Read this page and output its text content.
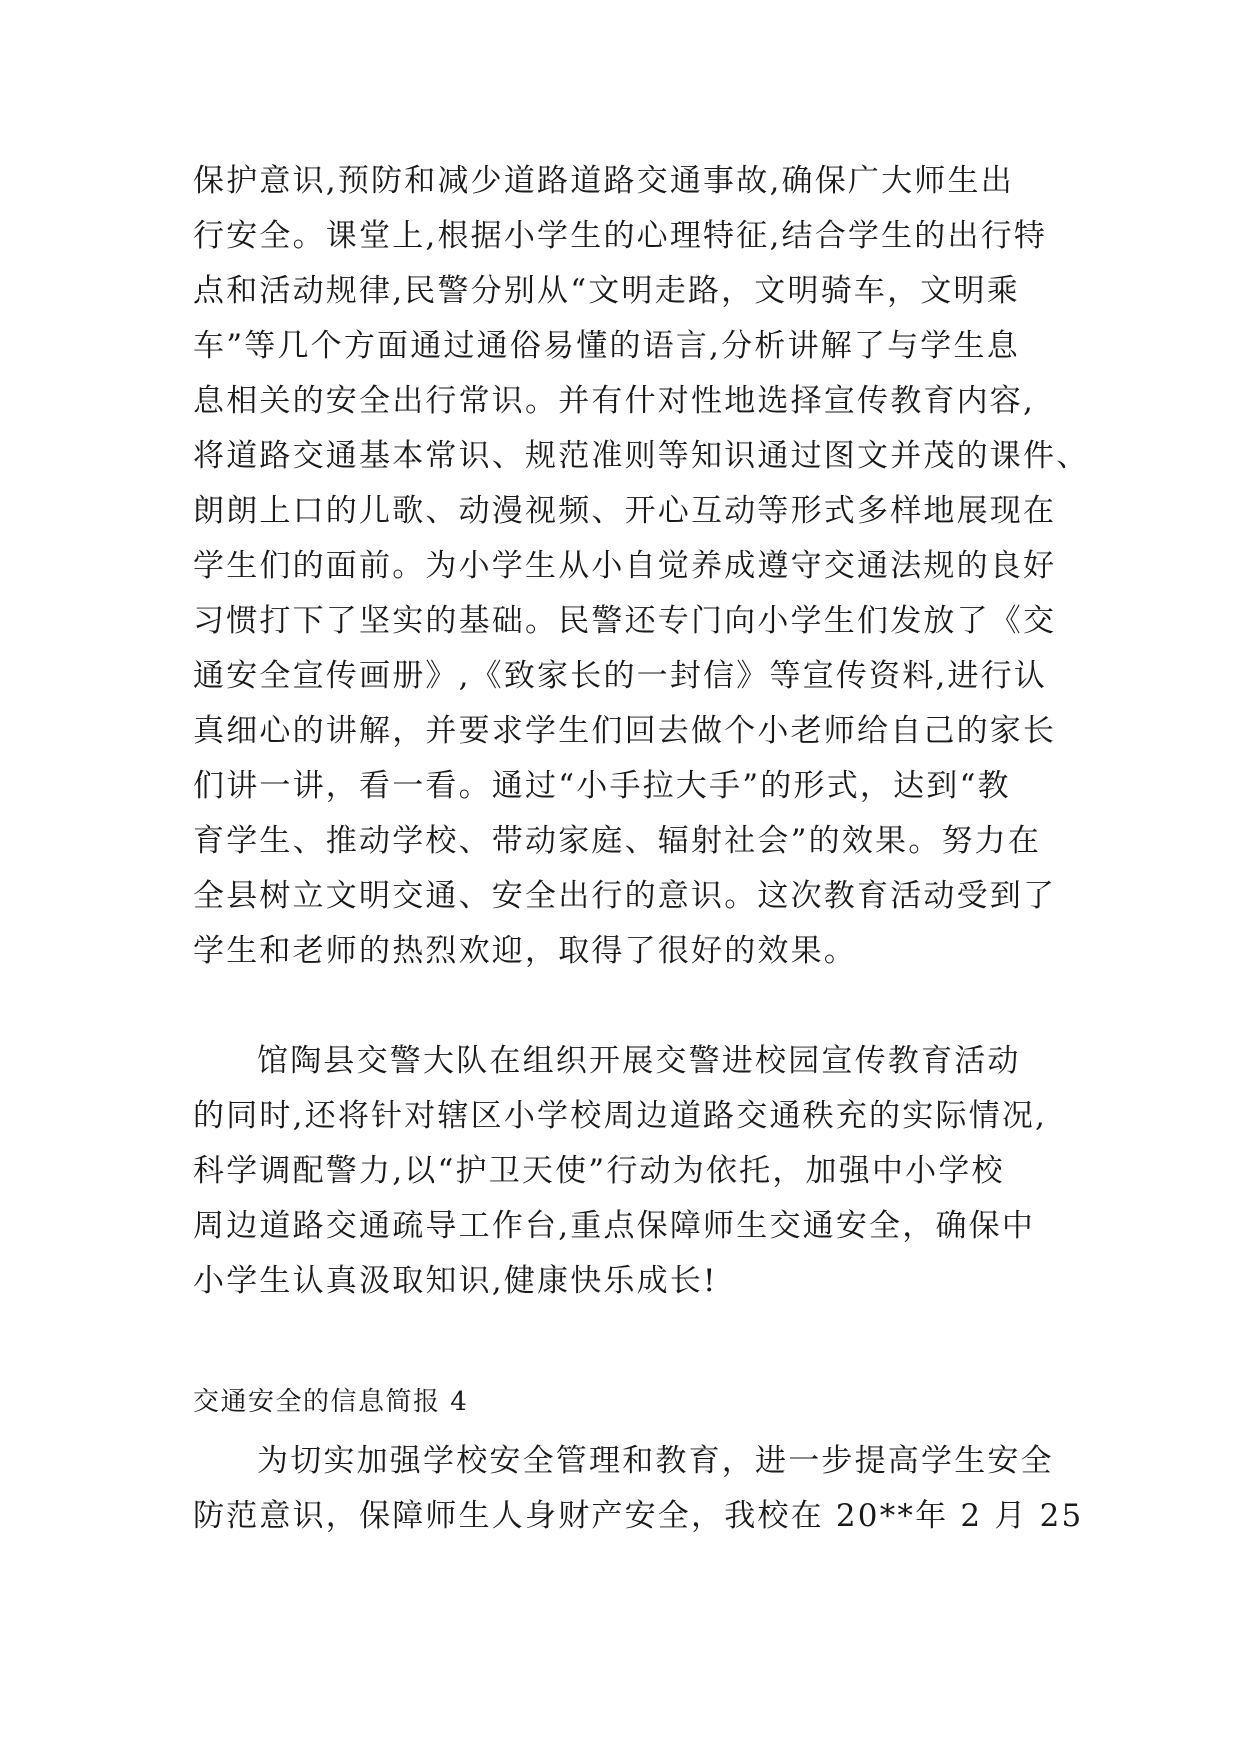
保护意识,预防和减少道路道路交通事故,确保广大师生出
行安全。课堂上,根据小学生的心理特征,结合学生的出行特
点和活动规律,民警分别从“文明走路，文明骑车，文明乘
车”等几个方面通过通俗易懂的语言,分析讲解了与学生息
息相关的安全出行常识。并有什对性地选择宣传教育内容,
将道路交通基本常识、规范准则等知识通过图文并茂的课件、
朗朗上口的儿歌、动漫视频、开心互动等形式多样地展现在
学生们的面前。为小学生从小自觉养成遵守交通法规的良好
习惯打下了坚实的基础。民警还专门向小学生们发放了《交
通安全宣传画册》,《致家长的一封信》等宣传资料,进行认
真细心的讲解，并要求学生们回去做个小老师给自己的家长
们讲一讲，看一看。通过“小手拉大手”的形式，达到“教
育学生、推动学校、带动家庭、辐射社会”的效果。努力在
全县树立文明交通、安全出行的意识。这次教育活动受到了
学生和老师的热烈欢迎，取得了很好的效果。
馆陶县交警大队在组织开展交警进校园宣传教育活动
的同时,还将针对辖区小学校周边道路交通秩充的实际情况,
科学调配警力,以“护卫天使”行动为依托，加强中小学校
周边道路交通疏导工作台,重点保障师生交通安全，确保中
小学生认真汲取知识,健康快乐成长!
交通安全的信息简报 4
为切实加强学校安全管理和教育，进一步提高学生安全
防范意识，保障师生人身财产安全，我校在 20**年 2 月 25
